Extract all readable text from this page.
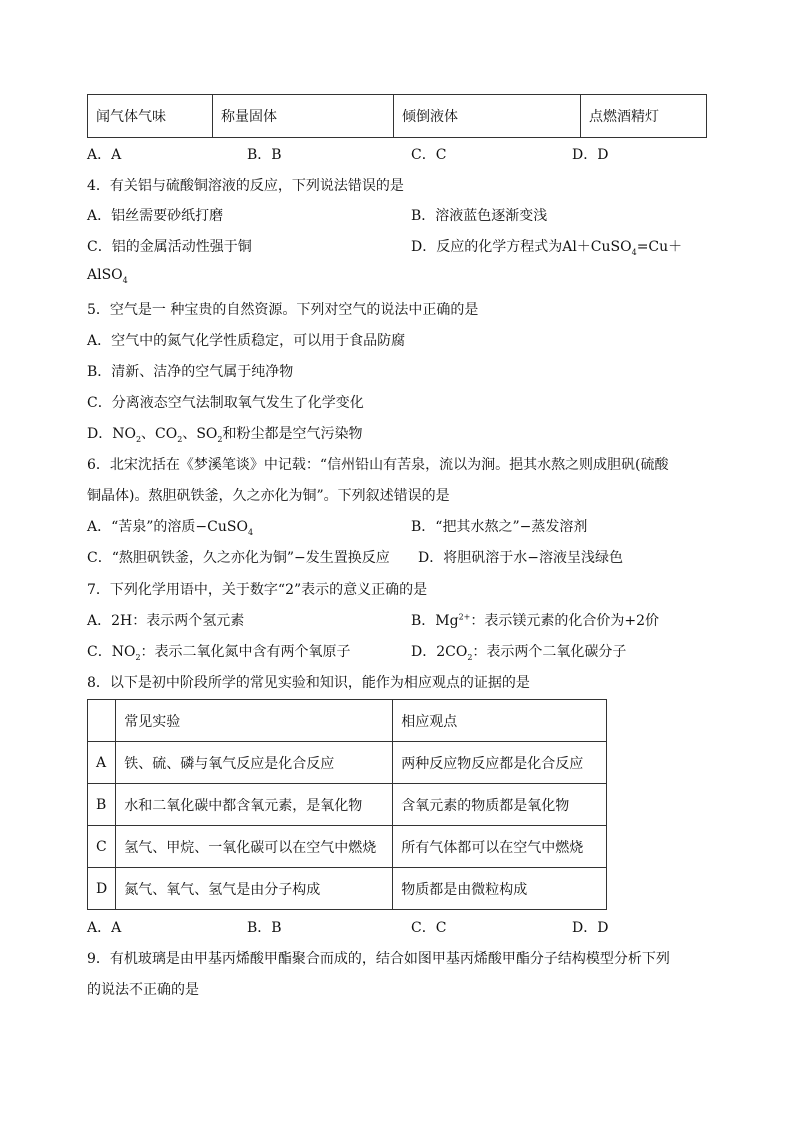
闻气体气味	称量固体	倾倒液体	点燃酒精灯
A．A	B．B	C．C	D．D
4．有关铝与硫酸铜溶液的反应，下列说法错误的是
A．铝丝需要砂纸打磨	B．溶液蓝色逐渐变浅
C．铝的金属活动性强于铜	D．反应的化学方程式为Al＋CuSO$_4$=Cu＋
AlSO$_4$
5．空气是一 种宝贵的自然资源。下列对空气的说法中正确的是
A．空气中的氮气化学性质稳定，可以用于食品防腐
B．清新、洁净的空气属于纯净物
C．分离液态空气法制取氧气发生了化学变化
D．$NO_2$、$CO_2$、$SO_2$和粉尘都是空气污染物
6．北宋沈括在《梦溪笔谈》中记载：“信州铅山有苦泉，流以为涧。挹其水熬之则成胆矾(硫酸
铜晶体)。熬胆矾铁釜，久之亦化为铜”。下列叙述错误的是
A．“苦泉”的溶质−CuSO$_4$	B．“把其水熬之”−蒸发溶剂
C．“熬胆矾铁釜，久之亦化为铜”−发生置换反应 D．将胆矾溶于水−溶液呈浅绿色
7．下列化学用语中，关于数字“2”表示的意义正确的是
A．2H：表示两个氢元素	B．$Mg^{2+}$：表示镁元素的化合价为+2价
C．$NO_2$：表示二氧化氮中含有两个氧原子	D．$2CO_2$：表示两个二氧化碳分子
8．以下是初中阶段所学的常见实验和知识，能作为相应观点的证据的是
	常见实验	相应观点
A	铁、硫、磷与氧气反应是化合反应	两种反应物反应都是化合反应
B	水和二氧化碳中都含氧元素，是氧化物	含氧元素的物质都是氧化物
C	氢气、甲烷、一氧化碳可以在空气中燃烧	所有气体都可以在空气中燃烧
D	氮气、氧气、氢气是由分子构成	物质都是由微粒构成
A．A	B．B	C．C	D．D
9．有机玻璃是由甲基丙烯酸甲酯聚合而成的，结合如图甲基丙烯酸甲酯分子结构模型分析下列
的说法不正确的是
